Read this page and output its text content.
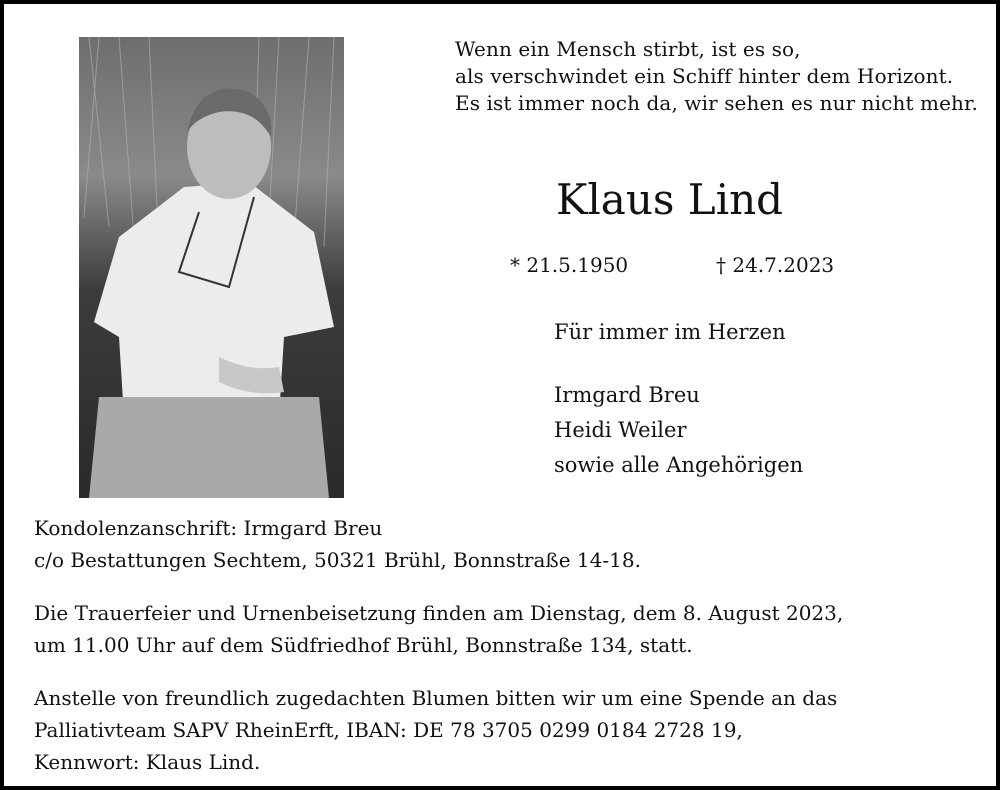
Wenn ein Mensch stirbt, ist es so,
als verschwindet ein Schiff hinter dem Horizont.
Es ist immer noch da, wir sehen es nur nicht mehr.
Klaus Lind
* 21.5.1950	† 24.7.2023
Für immer im Herzen
Irmgard Breu
Heidi Weiler
sowie alle Angehörigen
Kondolenzanschrift: Irmgard Breu
c/o Bestattungen Sechtem, 50321 Brühl, Bonnstraße 14-18.
Die Trauerfeier und Urnenbeisetzung finden am Dienstag, dem 8. August 2023,
um 11.00 Uhr auf dem Südfriedhof Brühl, Bonnstraße 134, statt.
Anstelle von freundlich zugedachten Blumen bitten wir um eine Spende an das
Palliativteam SAPV RheinErft, IBAN: DE 78 3705 0299 0184 2728 19,
Kennwort: Klaus Lind.
